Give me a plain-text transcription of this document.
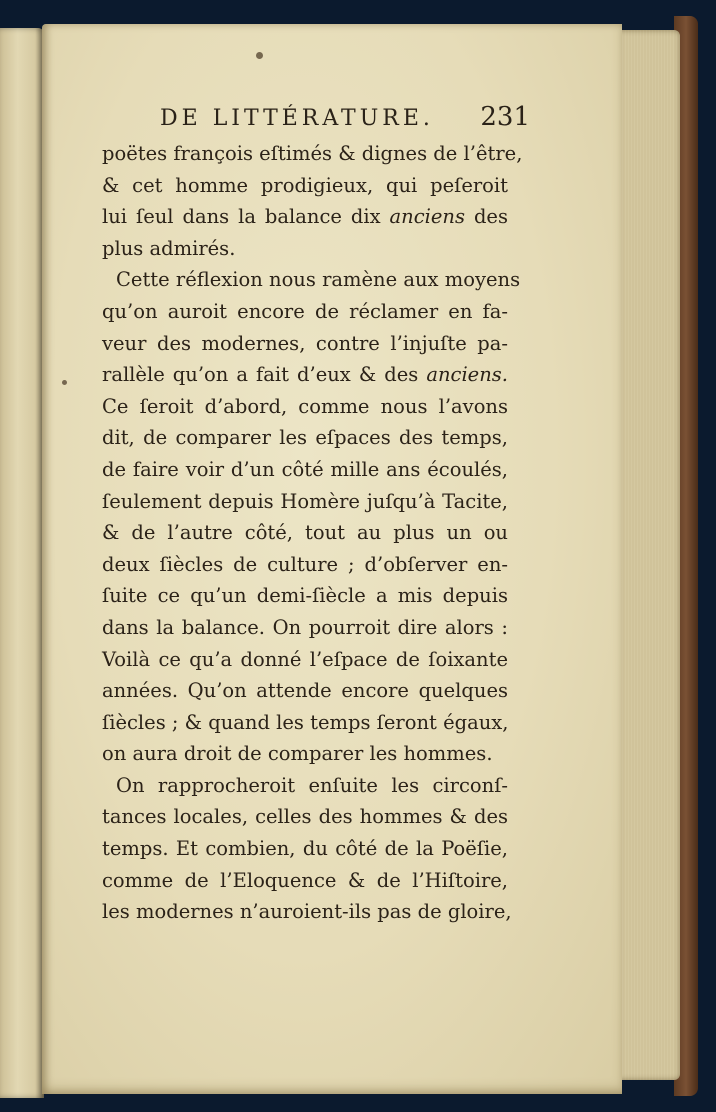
DE LITTÉRATURE. 231
poëtes françois eſtimés & dignes de l’être,
& cet homme prodigieux, qui peſeroit
lui ſeul dans la balance dix anciens des
plus admirés.
Cette réflexion nous ramène aux moyens
qu’on auroit encore de réclamer en fa-
veur des modernes, contre l’injuſte pa-
rallèle qu’on a fait d’eux & des anciens.
Ce ſeroit d’abord, comme nous l’avons
dit, de comparer les eſpaces des temps,
de faire voir d’un côté mille ans écoulés,
ſeulement depuis Homère juſqu’à Tacite,
& de l’autre côté, tout au plus un ou
deux ſiècles de culture ; d’obſerver en-
ſuite ce qu’un demi-ſiècle a mis depuis
dans la balance. On pourroit dire alors :
Voilà ce qu’a donné l’eſpace de ſoixante
années. Qu’on attende encore quelques
ſiècles ; & quand les temps ſeront égaux,
on aura droit de comparer les hommes.
On rapprocheroit enſuite les circonſ-
tances locales, celles des hommes & des
temps. Et combien, du côté de la Poëſie,
comme de l’Eloquence & de l’Hiſtoire,
les modernes n’auroient-ils pas de gloire,
